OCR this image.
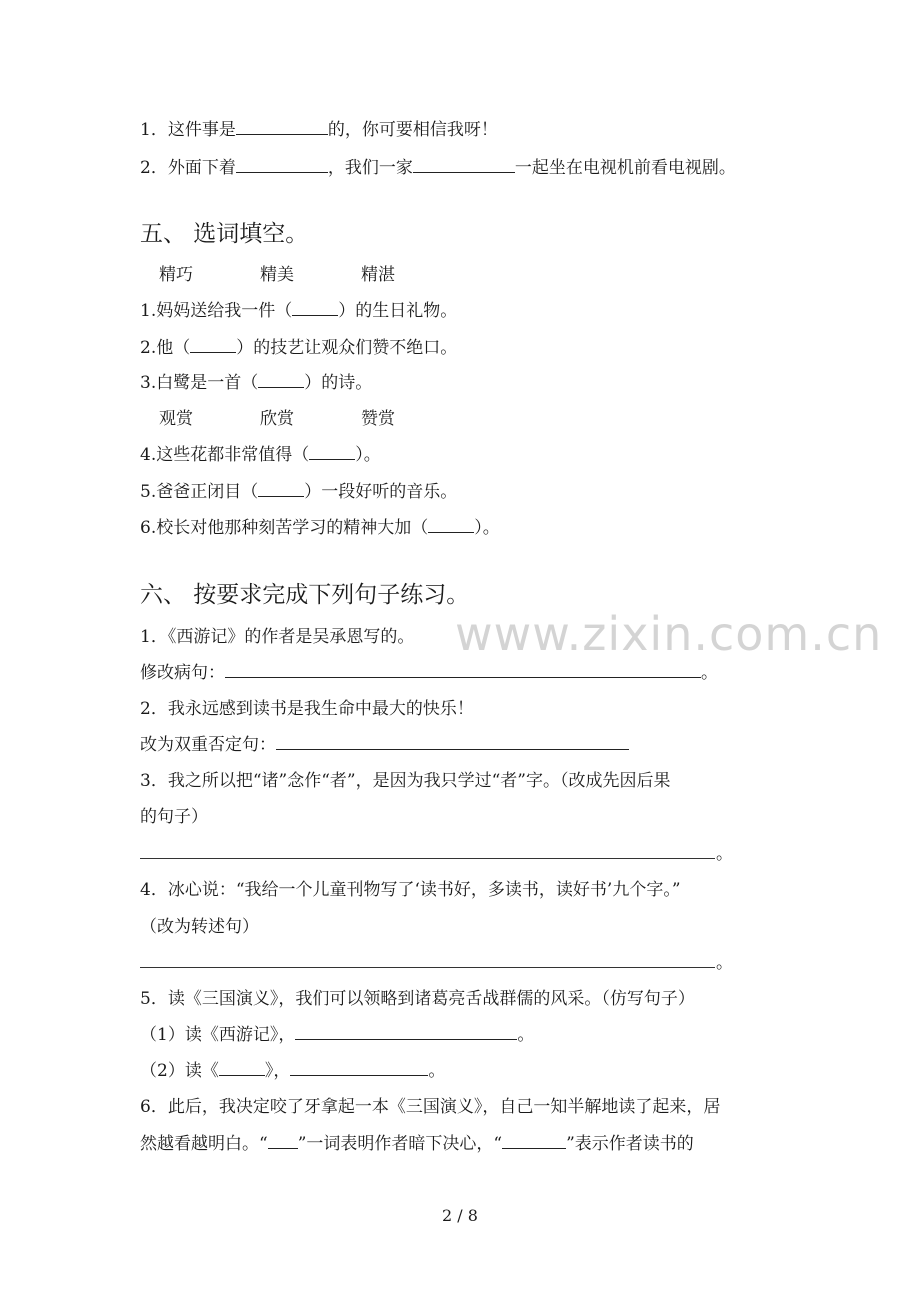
www.zixin.com.cn
1．这件事是	的，你可要相信我呀！
2．外面下着	，我们一家	一起坐在电视机前看电视剧。
五、 选词填空。
精巧	精美	精湛
1.妈妈送给我一件（	）的生日礼物。
2.他（	）的技艺让观众们赞不绝口。
3.白鹭是一首（	）的诗。
观赏	欣赏	赞赏
4.这些花都非常值得（	）。
5.爸爸正闭目（	）一段好听的音乐。
6.校长对他那种刻苦学习的精神大加（	）。
六、 按要求完成下列句子练习。
1．《西游记》的作者是吴承恩写的。
修改病句：	。
2．我永远感到读书是我生命中最大的快乐！
改为双重否定句：
3．我之所以把“诸”念作“者”，是因为我只学过“者”字。（改成先因后果
的句子）
。
4．冰心说：“我给一个儿童刊物写了‘读书好，多读书，读好书’九个字。”
（改为转述句）
。
5．读《三国演义》，我们可以领略到诸葛亮舌战群儒的风采。（仿写句子）
（1）读《西游记》，	。
（2）读《	》，	。
6．此后，我决定咬了牙拿起一本《三国演义》，自己一知半解地读了起来，居
然越看越明白。“ ”一词表明作者暗下决心，“	”表示作者读书的
2 / 8
